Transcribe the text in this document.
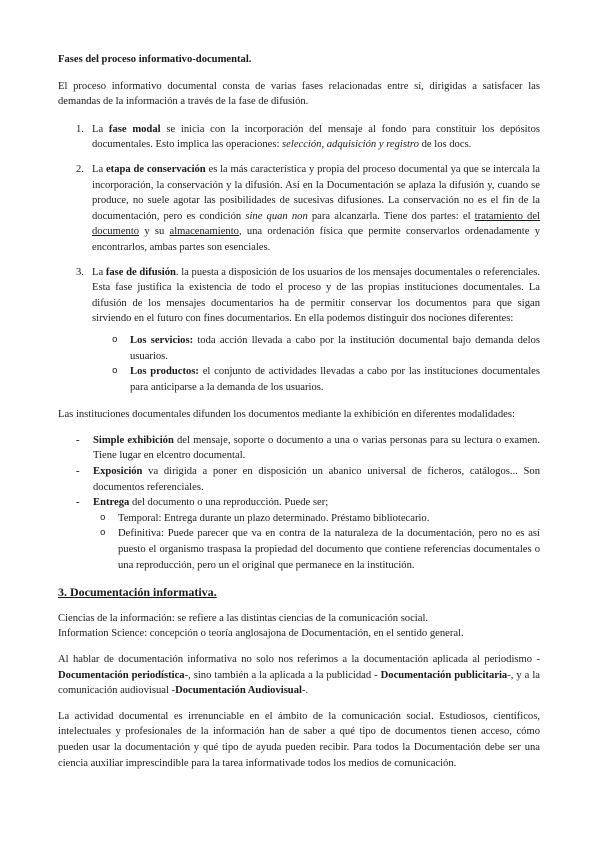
Fases del proceso informativo-documental.

El proceso informativo documental consta de varias fases relacionadas entre sí, dirigidas a satisfacer las demandas de la información a través de la fase de difusión.

1. La fase modal se inicia con la incorporación del mensaje al fondo para constituir los depósitos documentales. Esto implica las operaciones: selección, adquisición y registro de los docs.
2. La etapa de conservación es la más característica y propia del proceso documental ya que se intercala la incorporación, la conservación y la difusión. Así en la Documentación se aplaza la difusión y, cuando se produce, no suele agotar las posibilidades de sucesivas difusiones. La conservación no es el fin de la documentación, pero es condición sine quan non para alcanzarla. Tiene dos partes: el tratamiento del documento y su almacenamiento, una ordenación física que permite conservarlos ordenadamente y encontrarlos, ambas partes son esenciales.
3. La fase de difusión. la puesta a disposición de los usuarios de los mensajes documentales o referenciales. Esta fase justifica la existencia de todo el proceso y de las propias instituciones documentales. La difusión de los mensajes documentarios ha de permitir conservar los documentos para que sigan sirviendo en el futuro con fines documentarios. En ella podemos distinguir dos nociones diferentes:
o Los servicios: toda acción llevada a cabo por la institución documental bajo demanda delos usuarios.
o Los productos: el conjunto de actividades llevadas a cabo por las instituciones documentales para anticiparse a la demanda de los usuarios.

Las instituciones documentales difunden los documentos mediante la exhibición en diferentes modalidades:

- Simple exhibición del mensaje, soporte o documento a una o varias personas para su lectura o examen. Tiene lugar en elcentro documental.
- Exposición va dirigida a poner en disposición un abanico universal de ficheros, catálogos... Son documentos referenciales.
- Entrega del documento o una reproducción. Puede ser;
o Temporal: Entrega durante un plazo determinado. Préstamo bibliotecario.
o Definitiva: Puede parecer que va en contra de la naturaleza de la documentación, pero no es así puesto el organismo traspasa la propiedad del documento que contiene referencias documentales o una reproducción, pero un el original que permanece en la institución.

3. Documentación informativa.

Ciencias de la información: se refiere a las distintas ciencias de la comunicación social.

Information Science: concepción o teoría anglosajona de Documentación, en el sentido general.

Al hablar de documentación informativa no solo nos referimos a la documentación aplicada al periodismo -Documentación periodística-, sino también a la aplicada a la publicidad - Documentación publicitaria-, y a la comunicación audiovisual -Documentación Audiovisual-.

La actividad documental es irrenunciable en el ámbito de la comunicación social. Estudiosos, científicos, intelectuales y profesionales de la información han de saber a qué tipo de documentos tienen acceso, cómo pueden usar la documentación y qué tipo de ayuda pueden recibir. Para todos la Documentación debe ser una ciencia auxiliar imprescindible para la tarea informativade todos los medios de comunicación.
